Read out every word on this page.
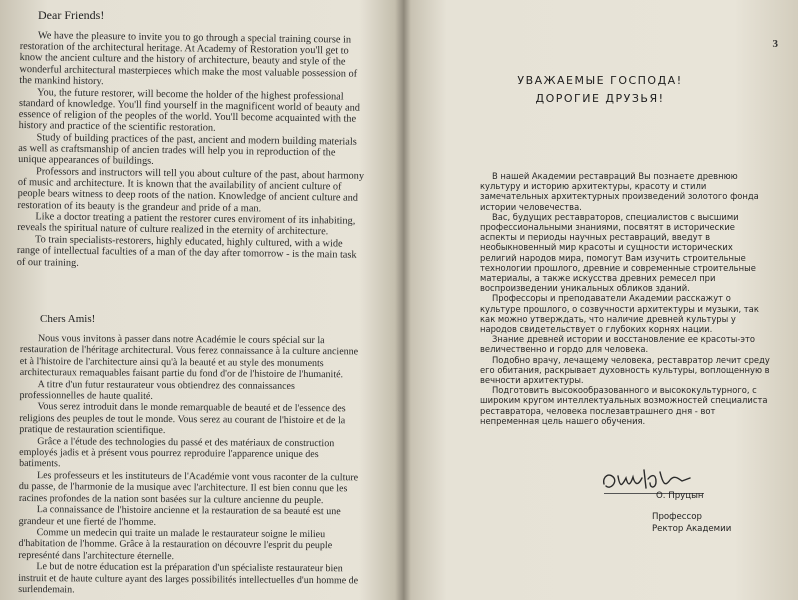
Dear Friends!

We have the pleasure to invite you to go through a special training course in restoration of the architectural heritage. At Academy of Restoration you'll get to know the ancient culture and the history of architecture, beauty and style of the wonderful architectural masterpieces which make the most valuable possession of the mankind history.

You, the future restorer, will become the holder of the highest professional standard of knowledge. You'll find yourself in the magnificent world of beauty and essence of religion of the peoples of the world. You'll become acquainted with the history and practice of the scientific restoration.

Study of building practices of the past, ancient and modern building materials as well as craftsmanship of ancien trades will help you in reproduction of the unique appearances of buildings.

Professors and instructors will tell you about culture of the past, about harmony of music and architecture. It is known that the availability of ancient culture of people bears witness to deep roots of the nation. Knowledge of ancient culture and restoration of its beauty is the grandeur and pride of a man.

Like a doctor treating a patient the restorer cures enviroment of its inhabiting, reveals the spiritual nature of culture realized in the eternity of architecture.

To train specialists-restorers, highly educated, highly cultured, with a wide range of intellectual faculties of a man of the day after tomorrow - is the main task of our training.

Chers Amis!

Nous vous invitons à passer dans notre Académie le cours spécial sur la restauration de l'héritage architectural. Vous ferez connaissance à la culture ancienne et à l'histoire de l'architecture ainsi qu'à la beauté et au style des monuments architecturaux remaquables faisant partie du fond d'or de l'histoire de l'humanité.

A titre d'un futur restaurateur vous obtiendrez des connaissances professionnelles de haute qualité.

Vous serez introduit dans le monde remarquable de beauté et de l'essence des religions des peuples de tout le monde. Vous serez au courant de l'histoire et de la pratique de restauration scientifique.

Grâce a l'étude des technologies du passé et des matériaux de construction employés jadis et à présent vous pourrez reproduire l'apparence unique des batiments.

Les professeurs et les instituteurs de l'Académie vont vous raconter de la culture du passe, de l'harmonie de la musique avec l'architecture. Il est bien connu que les racines profondes de la nation sont basées sur la culture ancienne du peuple.

La connaissance de l'histoire ancienne et la restauration de sa beauté est une grandeur et une fierté de l'homme.

Comme un medecin qui traite un malade le restaurateur soigne le milieu d'habitation de l'homme. Grâce à la restauration on découvre l'esprit du peuple represénté dans l'architecture éternelle.

Le but de notre éducation est la préparation d'un spécialiste restaurateur bien instruit et de haute culture ayant des larges possibilités intellectuelles d'un homme de surlendemain.

3
УВАЖАЕМЫЕ ГОСПОДА!
ДОРОГИЕ ДРУЗЬЯ!

В нашей Академии реставраций Вы познаете древнюю культуру и историю архитектуры, красоту и стили замечательных архитектурных произведений золотого фонда истории человечества.

Вас, будущих реставраторов, специалистов с высшими профессиональными знаниями, посвятят в исторические аспекты и периоды научных реставраций, введут в необыкновенный мир красоты и сущности исторических религий народов мира, помогут Вам изучить строительные технологии прошлого, древние и современные строительные материалы, а также искусства древних ремесел при воспроизведении уникальных обликов зданий.

Профессоры и преподаватели Академии расскажут о культуре прошлого, о созвучности архитектуры и музыки, так как можно утверждать, что наличие древней культуры у народов свидетельствует о глубоких корнях нации.

Знание древней истории и восстановление ее красоты-это величественно и гордо для человека.

Подобно врачу, лечащему человека, реставратор лечит среду его обитания, раскрывает духовность культуры, воплощенную в вечности архитектуры.

Подготовить высокообразованного и высококультурного, с широким кругом интеллектуальных возможностей специалиста реставратора, человека послезавтрашнего дня - вот непременная цель нашего обучения.

О. Пруцын
Профессор
Ректор Академии
